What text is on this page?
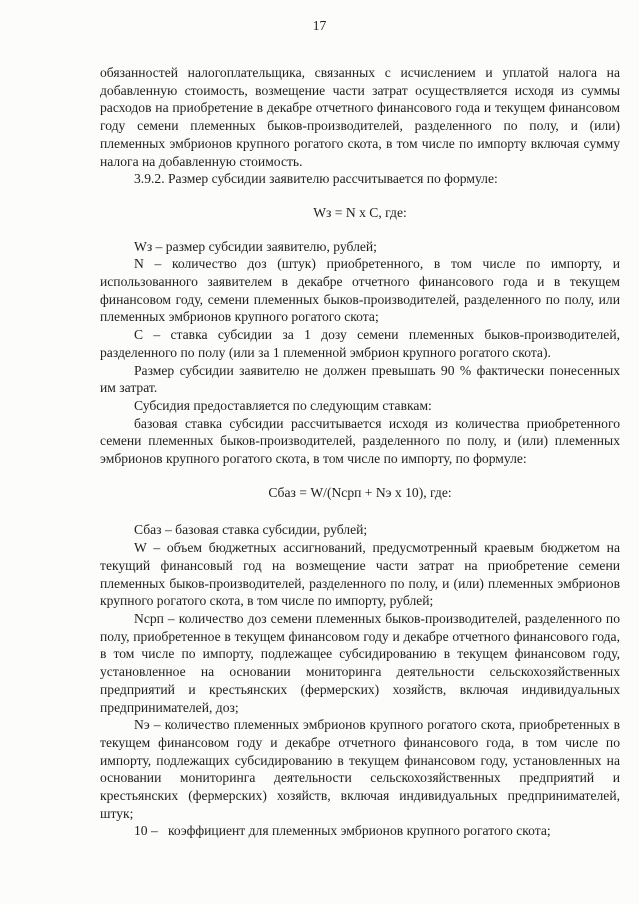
17

обязанностей налогоплательщика, связанных с исчислением и уплатой налога на добавленную стоимость, возмещение части затрат осуществляется исходя из суммы расходов на приобретение в декабре отчетного финансового года и текущем финансовом году семени племенных быков-производителей, разделенного по полу, и (или) племенных эмбрионов крупного рогатого скота, в том числе по импорту включая сумму налога на добавленную стоимость.

3.9.2. Размер субсидии заявителю рассчитывается по формуле:

Wз = N x C, где:

Wз – размер субсидии заявителю, рублей;

N – количество доз (штук) приобретенного, в том числе по импорту, и использованного заявителем в декабре отчетного финансового года и в текущем финансовом году, семени племенных быков-производителей, разделенного по полу, или племенных эмбрионов крупного рогатого скота;

С – ставка субсидии за 1 дозу семени племенных быков-производителей, разделенного по полу (или за 1 племенной эмбрион крупного рогатого скота).

Размер субсидии заявителю не должен превышать 90 % фактически понесенных им затрат.

Субсидия предоставляется по следующим ставкам:

базовая ставка субсидии рассчитывается исходя из количества приобретенного семени племенных быков-производителей, разделенного по полу, и (или) племенных эмбрионов крупного рогатого скота, в том числе по импорту, по формуле:

Сбаз = W/(Nсрп + Nэ x 10), где:

Сбаз – базовая ставка субсидии, рублей;

W – объем бюджетных ассигнований, предусмотренный краевым бюджетом на текущий финансовый год на возмещение части затрат на приобретение семени племенных быков-производителей, разделенного по полу, и (или) племенных эмбрионов крупного рогатого скота, в том числе по импорту, рублей;

Nсрп – количество доз семени племенных быков-производителей, разделенного по полу, приобретенное в текущем финансовом году и декабре отчетного финансового года, в том числе по импорту, подлежащее субсидированию в текущем финансовом году, установленное на основании мониторинга деятельности сельскохозяйственных предприятий и крестьянских (фермерских) хозяйств, включая индивидуальных предпринимателей, доз;

Nэ – количество племенных эмбрионов крупного рогатого скота, приобретенных в текущем финансовом году и декабре отчетного финансового года, в том числе по импорту, подлежащих субсидированию в текущем финансовом году, установленных на основании мониторинга деятельности сельскохозяйственных предприятий и крестьянских (фермерских) хозяйств, включая индивидуальных предпринимателей, штук;

10 –   коэффициент для племенных эмбрионов крупного рогатого скота;
